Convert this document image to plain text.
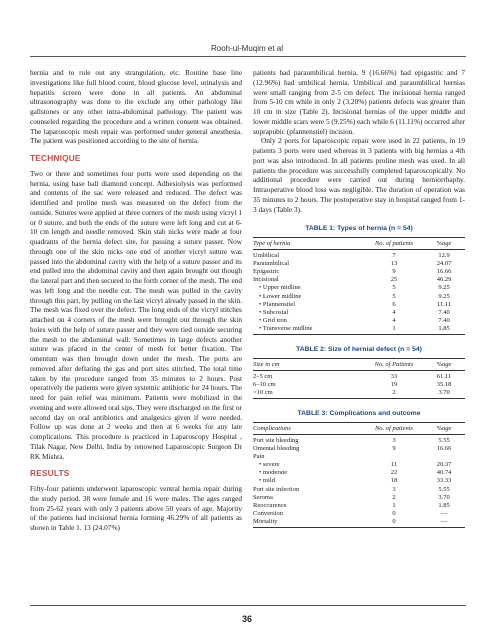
Rooh-ul-Muqim et al

hernia and to rule out any strangulation, etc. Routine base line investigations like full blood count, blood glucose level, urinalysis and hepatitis screen were done in all patients. An abdominal ultrasonography was done to the exclude any other pathology like gallstones or any other intra-abdominal pathology. The patient was counseled regarding the procedure and a written consent was obtained. The laparoscopic mesh repair was performed under general anesthesia. The patient was positioned according to the site of hernia.

TECHNIQUE

Two or three and sometimes four ports were used depending on the hernia, using base ball diamond concept. Adhesiolysis was performed and contents of the sac were released and reduced. The defect was identified and proline mesh was measured on the defect from the outside. Sutures were applied at three corners of the mesh using vicryl 1 or 0 suture, and both the ends of the suture were left long and cut at 6-10 cm length and needle removed. Skin stab nicks were made at four quadrants of the hernia defect site, for passing a suture passer. Now through one of the skin nicks one end of another vicryl suture was passed into the abdominal cavity with the help of a suture passer and its end pulled into the abdominal cavity and then again brought out though the lateral part and then secured to the forth corner of the mesh. The end was left long and the needle cut. The mesh was pulled in the cavity through this part, by pulling on the last vicryl already passed in the skin. The mesh was fixed over the defect. The long ends of the vicryl stitches attached on 4 corners of the mesh were brought out through the skin holes with the help of suture passer and they were tied outside securing the mesh to the abdominal wall. Sometimes in large defects another suture was placed in the center of mesh for better fixation. The omentum was then brought down under the mesh. The ports are removed after deflating the gas and port sites stitched. The total time taken by the procedure ranged from 35 minutes to 2 hours. Post operatively the patients were given systemic antibiotic for 24 hours. The need for pain relief was minimum. Patients were mobilized in the evening and were allowed oral sips. They were discharged on the first or second day on oral antibiotics and analgesics given if were needed. Follow up was done at 2 weeks and then at 6 weeks for any late complications. This procedure is practiced in Laparoscopy Hospital , Tilak Nagar, New Delhi, India by renowned Laparoscopic Surgeon Dr RK Mishra.

RESULTS

Fifty-four patients underwent laparoscopic ventral hernia repair during the study period. 38 were female and 16 were males. The ages ranged from 25-62 years with only 3 patients above 50 years of age. Majority of the patients had incisional hernia forming 46.29% of all patients as shown in Table 1. 13 (24.07%)

patients had paraumbilical hernia, 9 (16.66%) had epigastric and 7 (12.96%) had umbilical hernia. Umbilical and paraumbilical hernias were small ranging from 2-5 cm defect. The incisional hernia ranged from 5-10 cm while in only 2 (3.20%) patients defects was greater than 10 cm in size (Table 2). Incisional hernias of the upper middle and lower middle scars were 5 (9.25%) each while 6 (11.11%) occurred after suprapubic (pfannenstiel) incision.

Only 2 ports for laparoscopic repair were used in 22 patients, in 19 patients 3 ports were used whereas in 3 patients with big hernias a 4th port was also introduced. In all patients proline mesh was used. In all patients the procedure was successfully completed laparoscopically. No additional procedure were carried out during herniorrhaphy. Intraoperative blood loss was negligible. The duration of operation was 35 minutes to 2 hours. The postoperative stay in hospital ranged from 1-3 days (Table 3).

TABLE 1: Types of hernia (n = 54)
Type of hernia	No. of patients	%age
Umbilical	7	12.9
Paraumbilical	13	24.07
Epigastric	9	16.66
Incisional	25	46.29
• Upper midline	5	9.25
• Lower midline	5	9.25
• Pfannenstiel	6	11.11
• Subcostal	4	7.40
• Grid iron	4	7.40
• Transverse midline	1	1.85
TABLE 2: Size of hernial defect (n = 54)
Size in cm	No. of Patients	%age
2–5 cm	33	61.11
6–10 cm	19	35.18
>10 cm	2	3.70
TABLE 3: Complications and outcome
Complications	No. of patients	%age
Port site bleeding	3	5.55
Omental bleeding	9	16.66
Pain
• severe	11	20.37
• moderate	22	40.74
• mild	18	33.33
Port site infection	3	5.55
Seroma	2	3.70
Reoccurence	1	1.85
Conversion	0	—
Mortality	0	—
36
